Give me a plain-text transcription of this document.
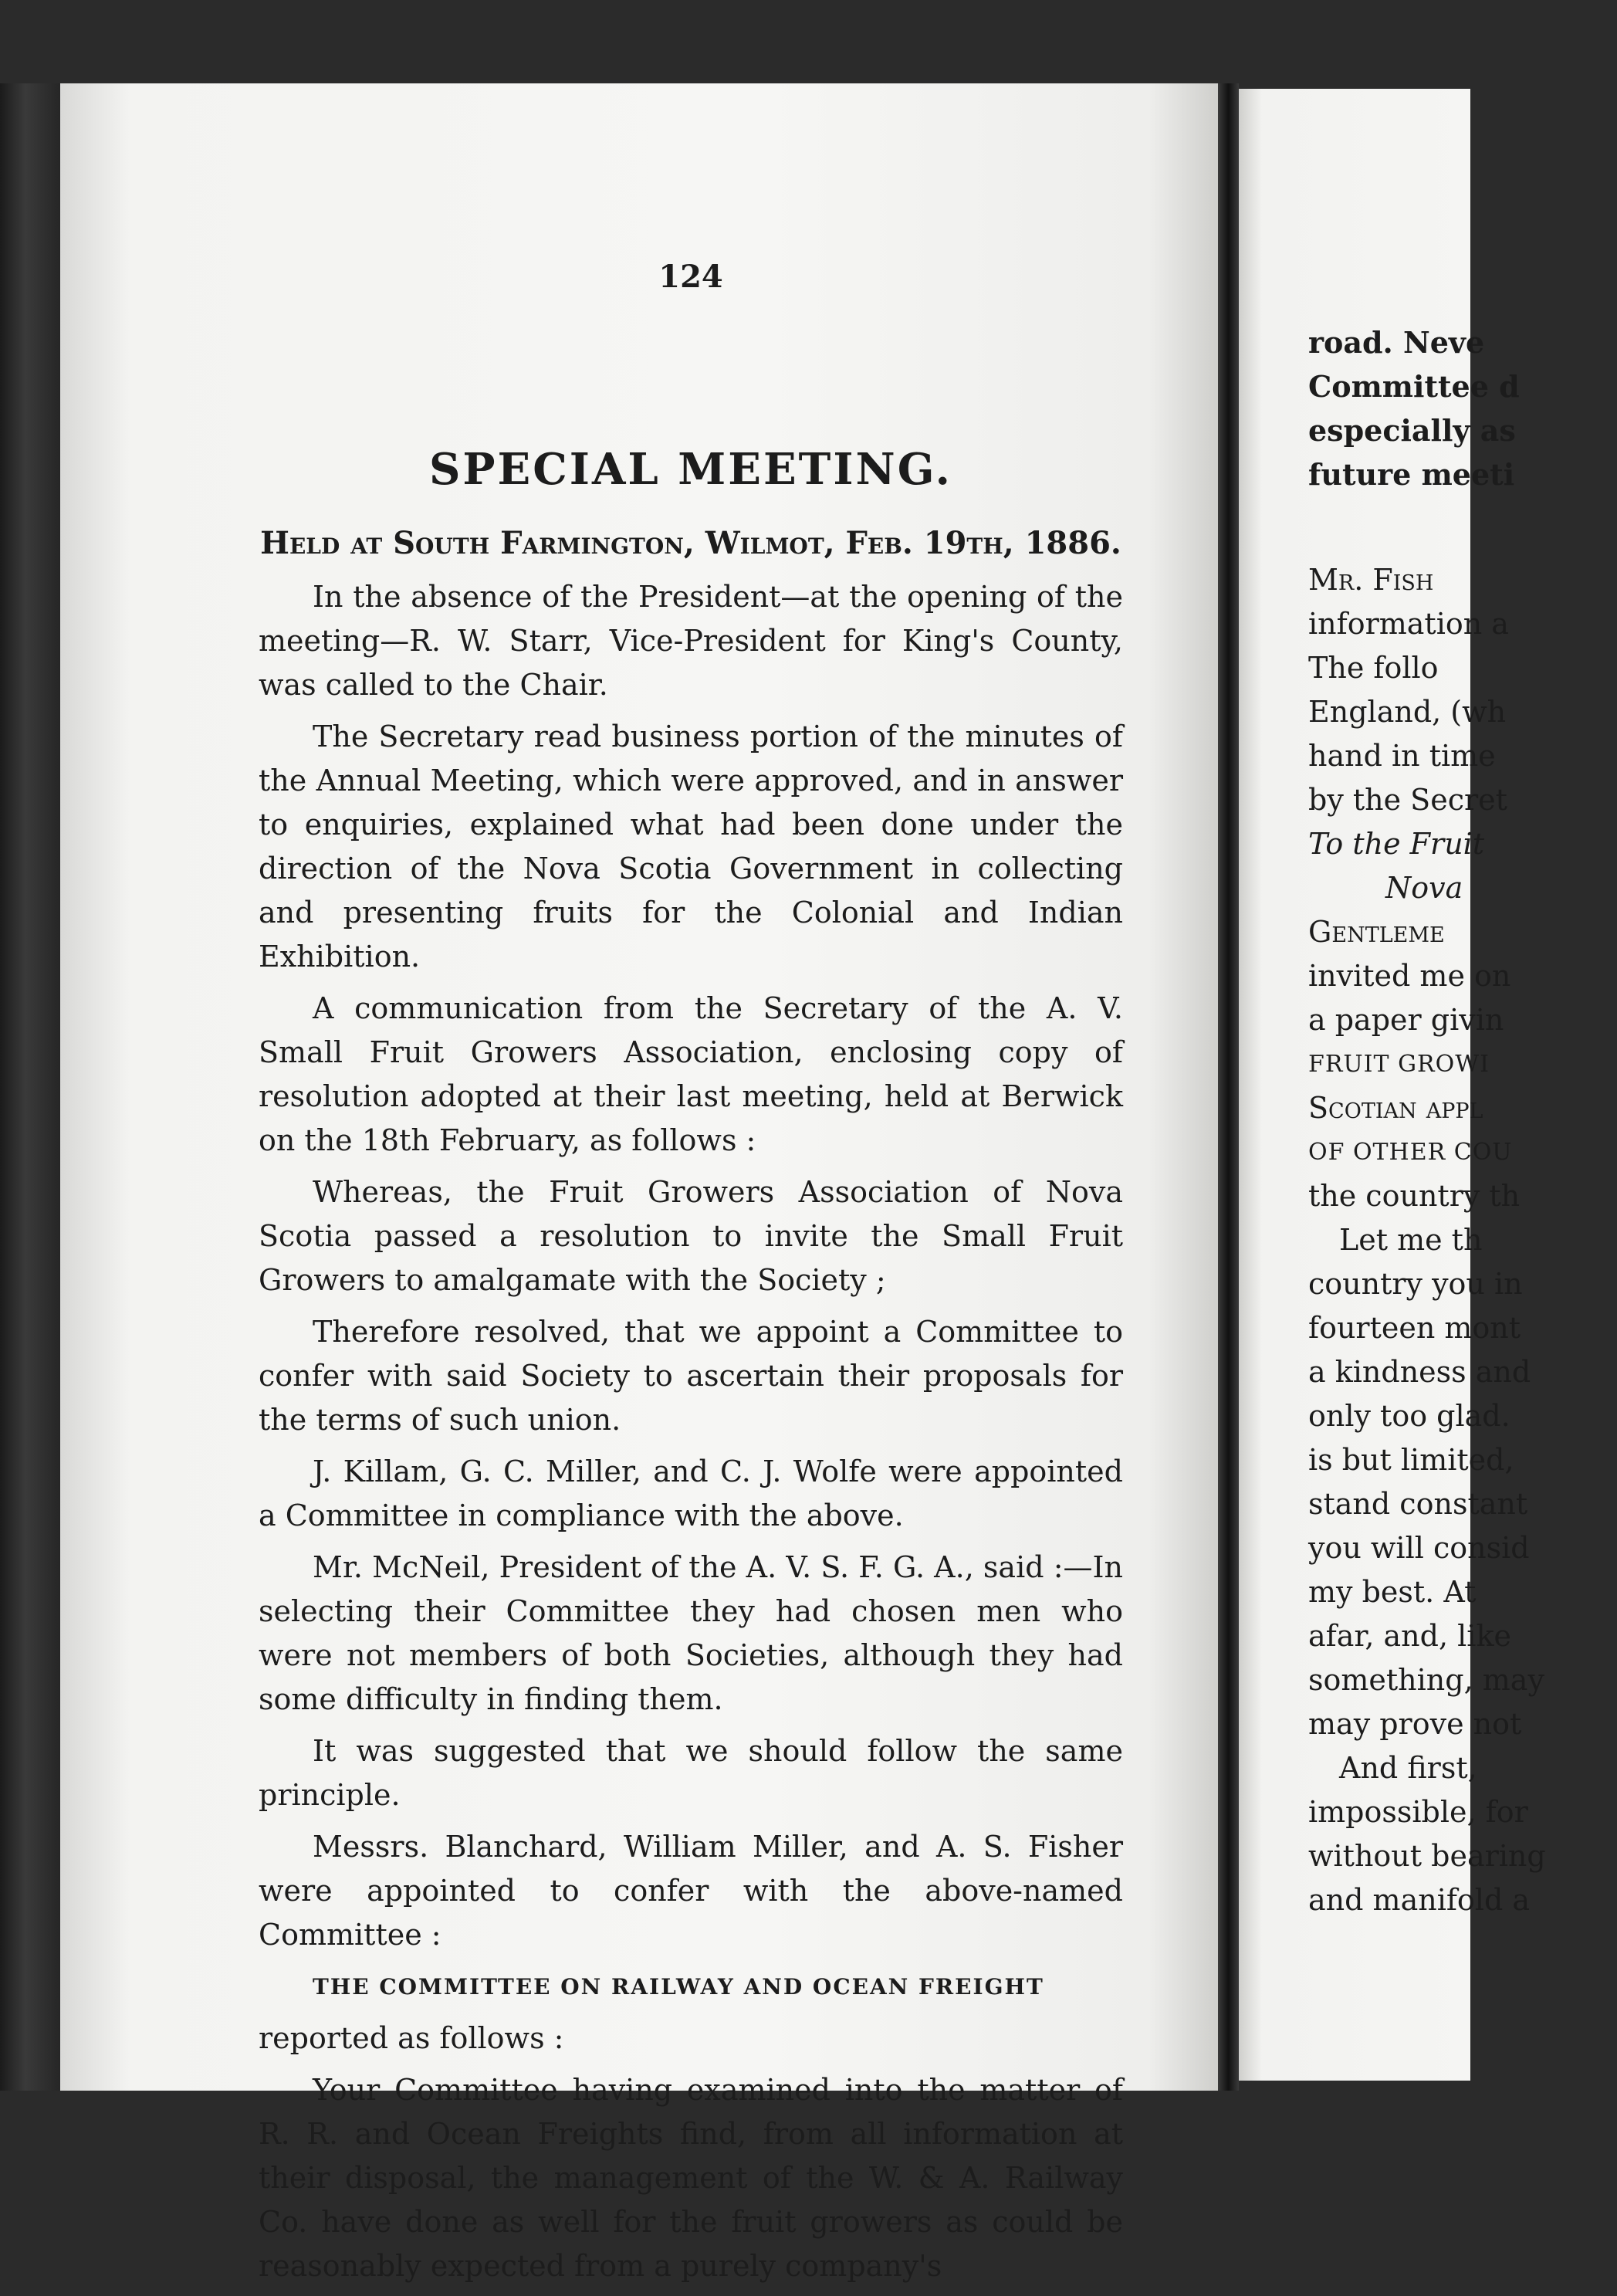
124
SPECIAL MEETING.
Held at South Farmington, Wilmot, Feb. 19th, 1886.

In the absence of the President—at the opening of the meeting—R. W. Starr, Vice-President for King's County, was called to the Chair.

The Secretary read business portion of the minutes of the Annual Meeting, which were approved, and in answer to enquiries, explained what had been done under the direction of the Nova Scotia Government in collecting and presenting fruits for the Colonial and Indian Exhibition.

A communication from the Secretary of the A. V. Small Fruit Growers Association, enclosing copy of resolution adopted at their last meeting, held at Berwick on the 18th February, as follows :

Whereas, the Fruit Growers Association of Nova Scotia passed a resolution to invite the Small Fruit Growers to amalgamate with the Society ;

Therefore resolved, that we appoint a Committee to confer with said Society to ascertain their proposals for the terms of such union.

J. Killam, G. C. Miller, and C. J. Wolfe were appointed a Committee in compliance with the above.

Mr. McNeil, President of the A. V. S. F. G. A., said :—In selecting their Committee they had chosen men who were not members of both Societies, although they had some difficulty in finding them.

It was suggested that we should follow the same principle.

Messrs. Blanchard, William Miller, and A. S. Fisher were appointed to confer with the above-named Committee :

THE COMMITTEE ON RAILWAY AND OCEAN FREIGHT

reported as follows :

Your Committee having examined into the matter of R. R. and Ocean Freights find, from all information at their disposal, the management of the W. & A. Railway Co. have done as well for the fruit growers as could be reasonably expected from a purely company's

road. Neve
Committee d
especially as
future meeti
Mr. Fish
information a
The follo
England, (wh
hand in time
by the Secret
To the Fruit
Nova
Gentleme
invited me on
a paper givin
FRUIT GROWI
Scotian appl
OF OTHER COU
the country th
Let me th
country you in
fourteen mont
a kindness and
only too glad.
is but limited,
stand constant
you will consid
my best. At
afar, and, like
something, may
may prove not
And first,
impossible, for
without bearing
and manifold a
